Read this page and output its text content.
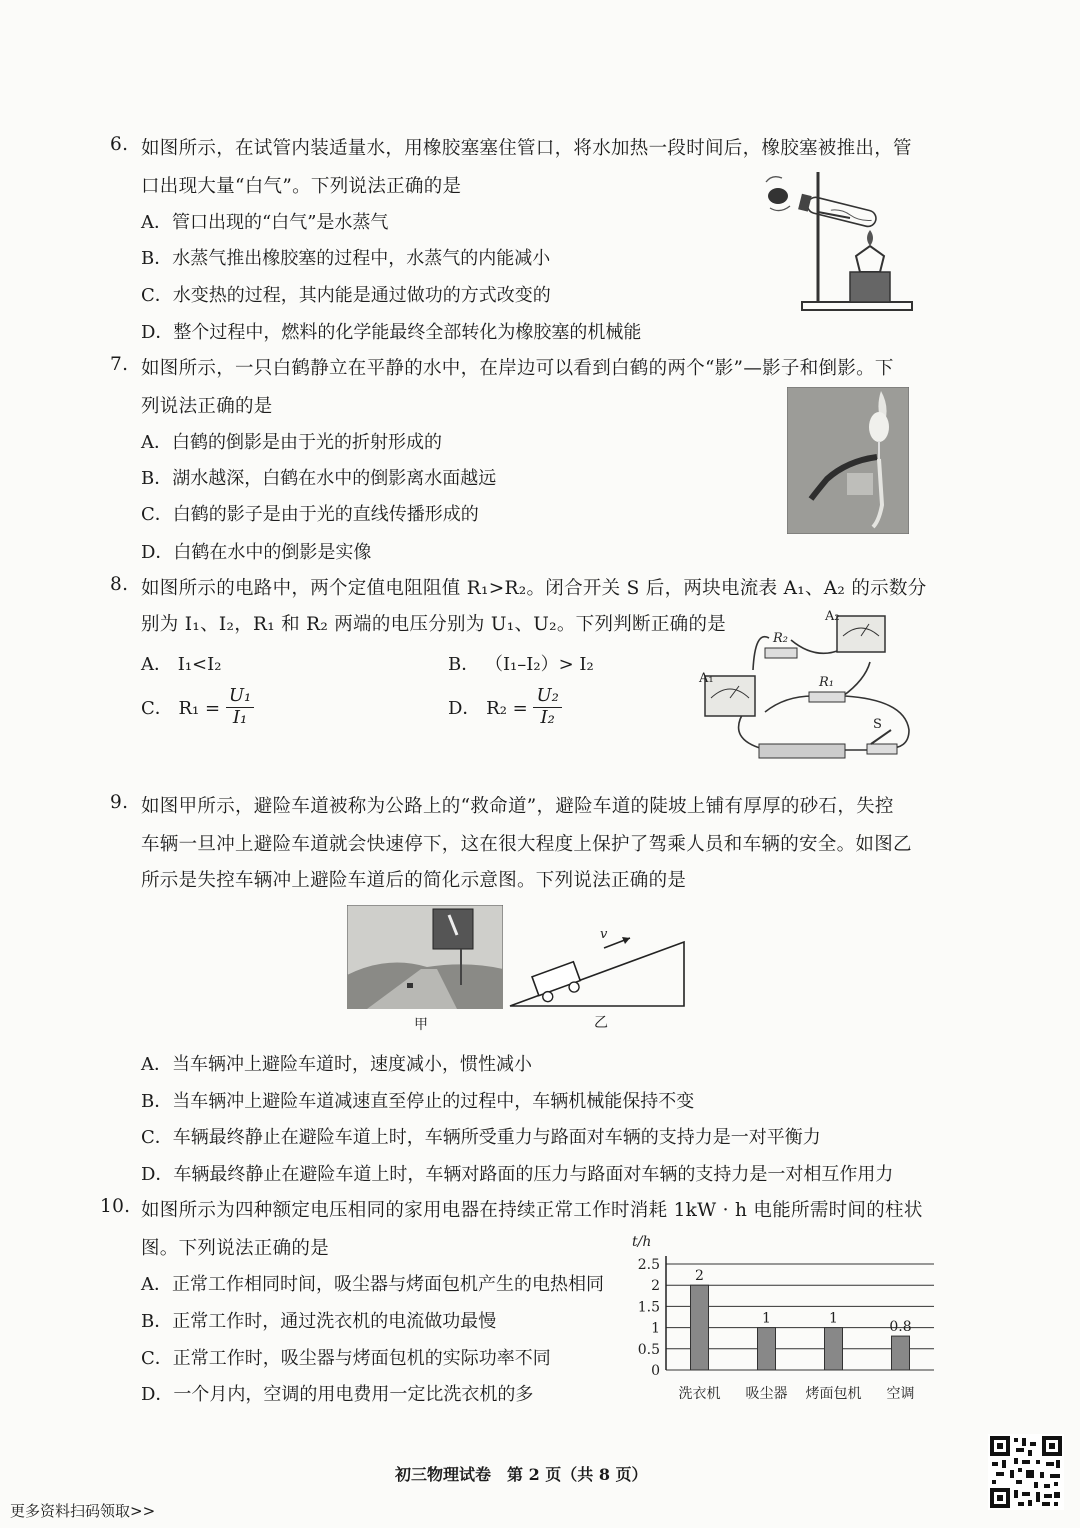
6. 如图所示，在试管内装适量水，用橡胶塞塞住管口，将水加热一段时间后，橡胶塞被推出，管
口出现大量“白气”。下列说法正确的是
A．管口出现的“白气”是水蒸气
B．水蒸气推出橡胶塞的过程中，水蒸气的内能减小
C．水变热的过程，其内能是通过做功的方式改变的
D．整个过程中，燃料的化学能最终全部转化为橡胶塞的机械能
7. 如图所示，一只白鹤静立在平静的水中，在岸边可以看到白鹤的两个“影”—影子和倒影。下
列说法正确的是
A．白鹤的倒影是由于光的折射形成的
B．湖水越深，白鹤在水中的倒影离水面越远
C．白鹤的影子是由于光的直线传播形成的
D．白鹤在水中的倒影是实像
8. 如图所示的电路中，两个定值电阻阻值 R₁>R₂。闭合开关 S 后，两块电流表 A₁、A₂ 的示数分
别为 I₁、I₂，R₁ 和 R₂ 两端的电压分别为 U₁、U₂。下列判断正确的是
A． I₁<I₂	B． （I₁–I₂）> I₂
C． $R_1 = \frac{\text{U₁}}{\text{I₁}}$	D． $R_2 = \frac{\text{U₂}}{\text{I₂}}$
A₂
A₁
R₂
R₁
S
9. 如图甲所示，避险车道被称为公路上的“救命道”，避险车道的陡坡上铺有厚厚的砂石，失控
车辆一旦冲上避险车道就会快速停下，这在很大程度上保护了驾乘人员和车辆的安全。如图乙
所示是失控车辆冲上避险车道后的简化示意图。下列说法正确的是
甲
v
乙
A．当车辆冲上避险车道时，速度减小，惯性减小
B．当车辆冲上避险车道减速直至停止的过程中，车辆机械能保持不变
C．车辆最终静止在避险车道上时，车辆所受重力与路面对车辆的支持力是一对平衡力
D．车辆最终静止在避险车道上时，车辆对路面的压力与路面对车辆的支持力是一对相互作用力
10. 如图所示为四种额定电压相同的家用电器在持续正常工作时消耗 1kW · h 电能所需时间的柱状
图。下列说法正确的是
A．正常工作相同时间，吸尘器与烤面包机产生的电热相同
B．正常工作时，通过洗衣机的电流做功最慢
C．正常工作时，吸尘器与烤面包机的实际功率不同
D．一个月内，空调的用电费用一定比洗衣机的多
t/h
2.5
2
1.5
1
0.5
0
2
洗衣机
1
吸尘器
1
烤面包机
0.8
空调
初三物理试卷　第 2 页（共 8 页）
更多资料扫码领取>>
